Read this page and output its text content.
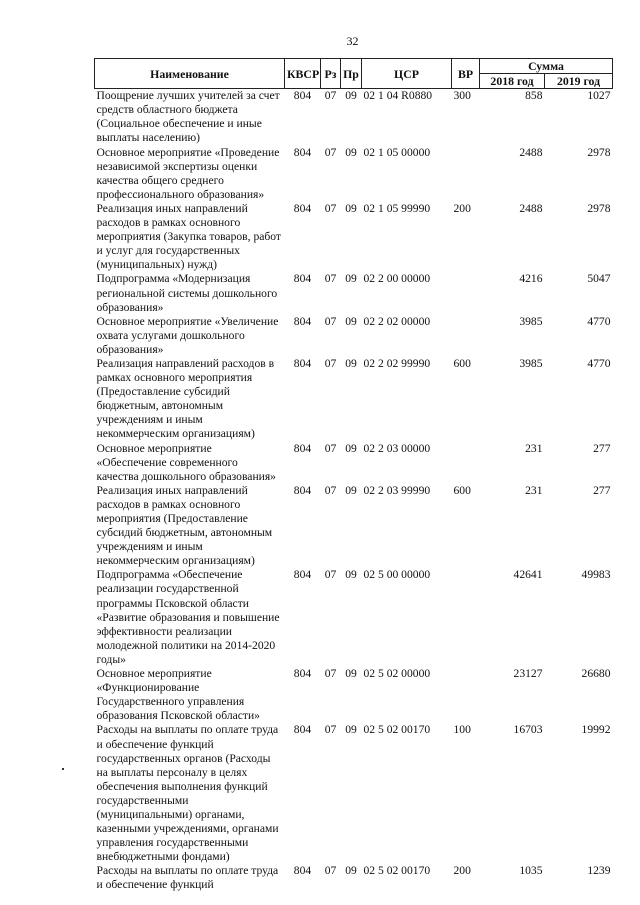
32
Наименование	КВСР	Рз	Пр	ЦСР	ВР	Сумма	
						2018 год	2019 год
Поощрение лучших учителей за счет средств областного бюджета (Социальное обеспечение и иные выплаты населению)	804	07	09	02 1 04 R0880	300	858	1027
Основное мероприятие «Проведение независимой экспертизы оценки качества общего среднего профессионального образования»	804	07	09	02 1 05 00000		2488	2978
Реализация иных направлений расходов в рамках основного мероприятия (Закупка товаров, работ и услуг для государственных (муниципальных) нужд)	804	07	09	02 1 05 99990	200	2488	2978
Подпрограмма «Модернизация региональной системы дошкольного образования»	804	07	09	02 2 00 00000		4216	5047
Основное мероприятие «Увеличение охвата услугами дошкольного образования»	804	07	09	02 2 02 00000		3985	4770
Реализация направлений расходов в рамках основного мероприятия (Предоставление субсидий бюджетным, автономным учреждениям и иным некоммерческим организациям)	804	07	09	02 2 02 99990	600	3985	4770
Основное мероприятие «Обеспечение современного качества дошкольного образования»	804	07	09	02 2 03 00000		231	277
Реализация иных направлений расходов в рамках основного мероприятия (Предоставление субсидий бюджетным, автономным учреждениям и иным некоммерческим организациям)	804	07	09	02 2 03 99990	600	231	277
Подпрограмма «Обеспечение реализации государственной программы Псковской области «Развитие образования и повышение эффективности реализации молодежной политики на 2014-2020 годы»	804	07	09	02 5 00 00000		42641	49983
Основное мероприятие «Функционирование Государственного управления образования Псковской области»	804	07	09	02 5 02 00000		23127	26680
Расходы на выплаты по оплате труда и обеспечение функций государственных органов (Расходы на выплаты персоналу в целях обеспечения выполнения функций государственными (муниципальными) органами, казенными учреждениями, органами управления государственными внебюджетными фондами)	804	07	09	02 5 02 00170	100	16703	19992
Расходы на выплаты по оплате труда и обеспечение функций	804	07	09	02 5 02 00170	200	1035	1239
